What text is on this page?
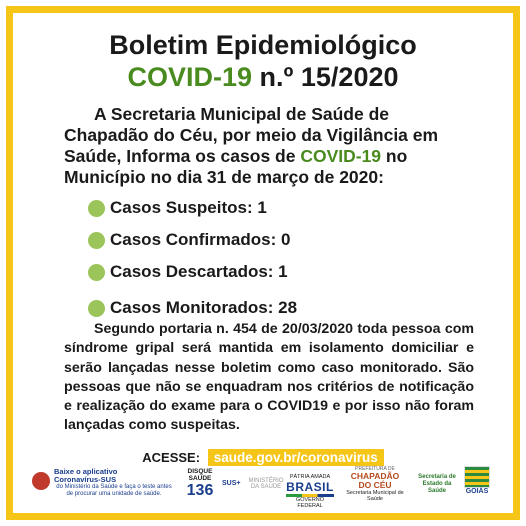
Boletim Epidemiológico
COVID-19 n.º 15/2020
A Secretaria Municipal de Saúde de Chapadão do Céu, por meio da Vigilância em Saúde, Informa os casos de COVID-19 no Município no dia 31 de março de 2020:
Casos Suspeitos: 1
Casos Confirmados: 0
Casos Descartados: 1
Casos Monitorados: 28
Segundo portaria n. 454 de 20/03/2020 toda pessoa com síndrome gripal será mantida em isolamento domiciliar e serão lançadas nesse boletim como caso monitorado. São pessoas que não se enquadram nos critérios de notificação e realização do exame para o COVID19 e por isso não foram lançadas como suspeitas.
ACESSE: saude.gov.br/coronavirus
Baixe o aplicativo
Coronavírus-SUS
do Ministério da Saúde e faça o teste antes de procurar uma unidade de saúde.
DISQUE SAÚDE
136	SUS+	MINISTÉRIO DA SAÚDE
PÁTRIA AMADA
BRASIL
GOVERNO FEDERAL
PREFEITURA DE
CHAPADÃO DO CÉU
Secretaria Municipal de Saúde
Secretaria de Estado da Saúde	GOIÁS
